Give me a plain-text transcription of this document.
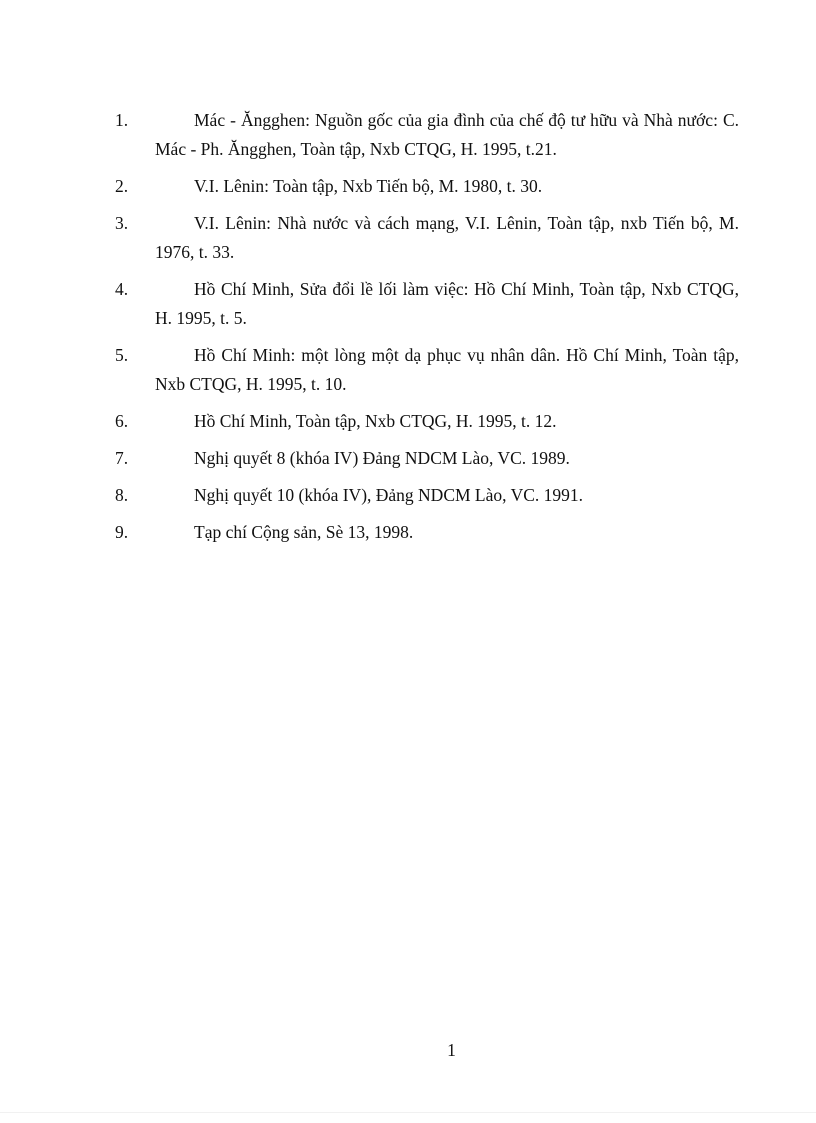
1.	Mác - Ăngghen: Nguồn gốc của gia đình của chế độ tư hữu và Nhà nước: C. Mác - Ph. Ăngghen, Toàn tập, Nxb CTQG, H. 1995, t.21.
2.	V.I. Lênin: Toàn tập, Nxb Tiến bộ, M. 1980, t. 30.
3.	V.I. Lênin: Nhà nước và cách mạng, V.I. Lênin, Toàn tập, nxb Tiến bộ, M. 1976, t. 33.
4.	Hồ Chí Minh, Sửa đổi lề lối làm việc: Hồ Chí Minh, Toàn tập, Nxb CTQG, H. 1995, t. 5.
5.	Hồ Chí Minh: một lòng một dạ phục vụ nhân dân. Hồ Chí Minh, Toàn tập, Nxb CTQG, H. 1995, t. 10.
6.	Hồ Chí Minh, Toàn tập, Nxb CTQG, H. 1995, t. 12.
7.	Nghị quyết 8 (khóa IV) Đảng NDCM Lào, VC. 1989.
8.	Nghị quyết 10 (khóa IV), Đảng NDCM Lào, VC. 1991.
9.	Tạp chí Cộng sản, Sè 13, 1998.
1
